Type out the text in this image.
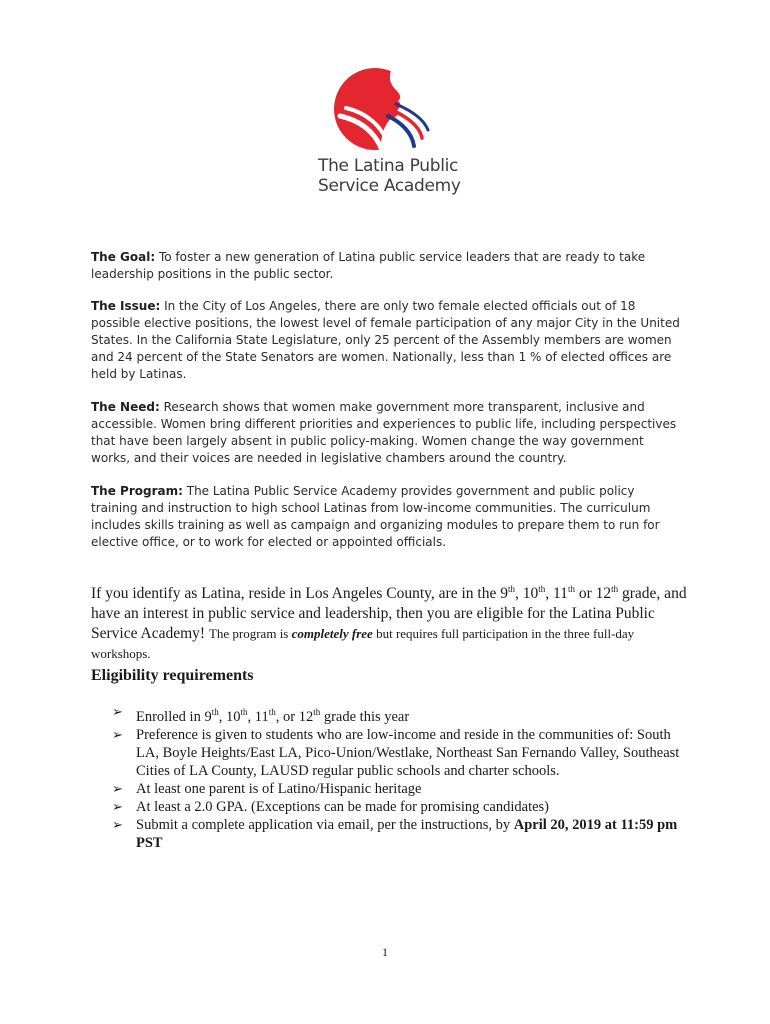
The Latina Public
Service Academy

The Goal: To foster a new generation of Latina public service leaders that are ready to take leadership positions in the public sector.

The Issue: In the City of Los Angeles, there are only two female elected officials out of 18 possible elective positions, the lowest level of female participation of any major City in the United States. In the California State Legislature, only 25 percent of the Assembly members are women and 24 percent of the State Senators are women. Nationally, less than 1 % of elected offices are held by Latinas.

The Need: Research shows that women make government more transparent, inclusive and accessible. Women bring different priorities and experiences to public life, including perspectives that have been largely absent in public policy-making. Women change the way government works, and their voices are needed in legislative chambers around the country.

The Program: The Latina Public Service Academy provides government and public policy training and instruction to high school Latinas from low-income communities. The curriculum includes skills training as well as campaign and organizing modules to prepare them to run for elective office, or to work for elected or appointed officials.

If you identify as Latina, reside in Los Angeles County, are in the 9th, 10th, 11th or 12th grade, and have an interest in public service and leadership, then you are eligible for the Latina Public Service Academy! The program is completely free but requires full participation in the three full-day workshops.

Eligibility requirements
➢ Enrolled in 9th, 10th, 11th, or 12th grade this year
➢ Preference is given to students who are low-income and reside in the communities of: South LA, Boyle Heights/East LA, Pico-Union/Westlake, Northeast San Fernando Valley, Southeast Cities of LA County, LAUSD regular public schools and charter schools.
➢ At least one parent is of Latino/Hispanic heritage
➢ At least a 2.0 GPA. (Exceptions can be made for promising candidates)
➢ Submit a complete application via email, per the instructions, by April 20, 2019 at 11:59 pm PST
1
